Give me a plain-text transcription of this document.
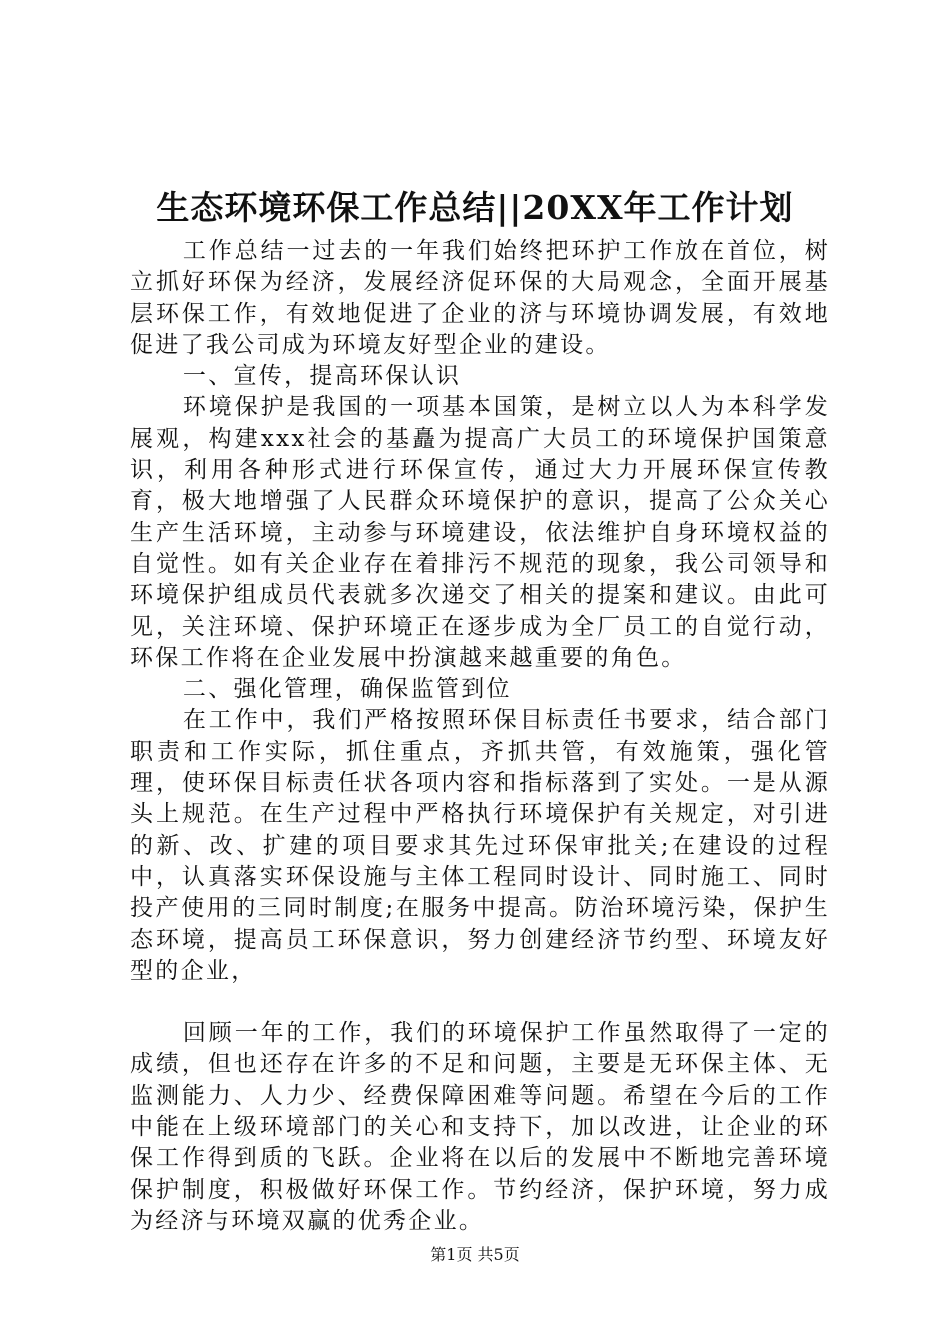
生态环境环保工作总结||20XX年工作计划

工作总结一过去的一年我们始终把环护工作放在首位，树立抓好环保为经济，发展经济促环保的大局观念，全面开展基层环保工作，有效地促进了企业的济与环境协调发展，有效地促进了我公司成为环境友好型企业的建设。

一、宣传，提高环保认识

环境保护是我国的一项基本国策，是树立以人为本科学发展观，构建xxx社会的基矗为提高广大员工的环境保护国策意识，利用各种形式进行环保宣传，通过大力开展环保宣传教育，极大地增强了人民群众环境保护的意识，提高了公众关心生产生活环境，主动参与环境建设，依法维护自身环境权益的自觉性。如有关企业存在着排污不规范的现象，我公司领导和环境保护组成员代表就多次递交了相关的提案和建议。由此可见，关注环境、保护环境正在逐步成为全厂员工的自觉行动，环保工作将在企业发展中扮演越来越重要的角色。

二、强化管理，确保监管到位

在工作中，我们严格按照环保目标责任书要求，结合部门职责和工作实际，抓住重点，齐抓共管，有效施策，强化管理，使环保目标责任状各项内容和指标落到了实处。一是从源头上规范。在生产过程中严格执行环境保护有关规定，对引进的新、改、扩建的项目要求其先过环保审批关;在建设的过程中，认真落实环保设施与主体工程同时设计、同时施工、同时投产使用的三同时制度;在服务中提高。防治环境污染，保护生态环境，提高员工环保意识，努力创建经济节约型、环境友好型的企业，

回顾一年的工作，我们的环境保护工作虽然取得了一定的成绩，但也还存在许多的不足和问题，主要是无环保主体、无监测能力、人力少、经费保障困难等问题。希望在今后的工作中能在上级环境部门的关心和支持下，加以改进，让企业的环保工作得到质的飞跃。企业将在以后的发展中不断地完善环境保护制度，积极做好环保工作。节约经济，保护环境，努力成为经济与环境双赢的优秀企业。

第1页 共5页
